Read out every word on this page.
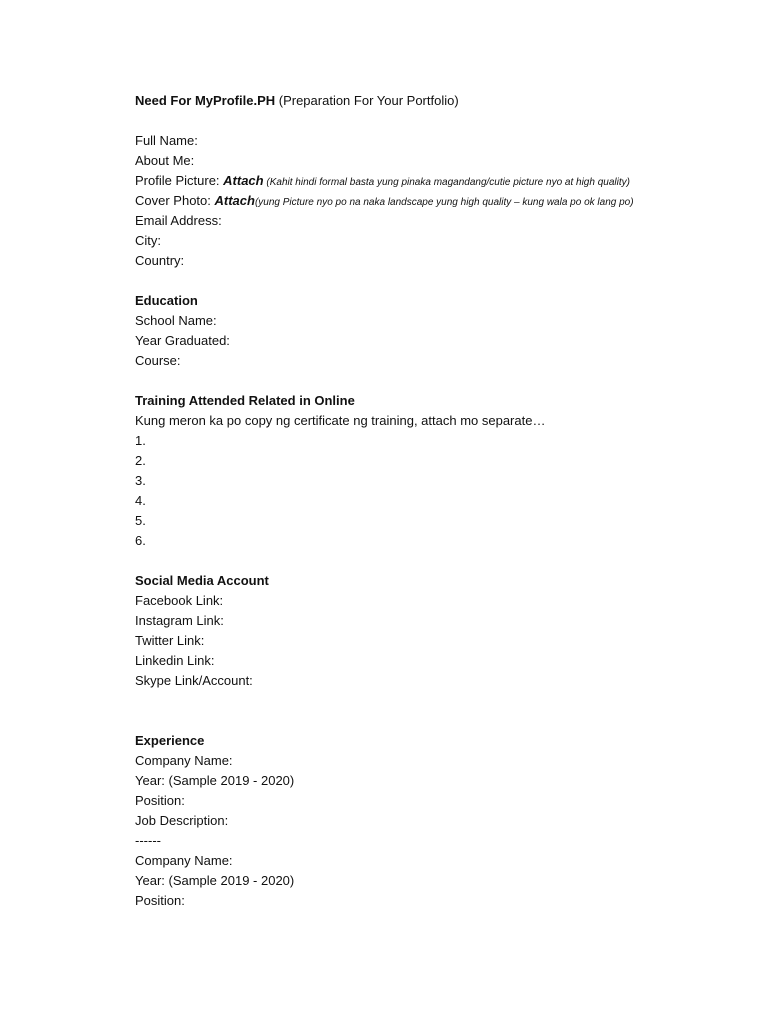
Need For MyProfile.PH (Preparation For Your Portfolio)
Full Name:
About Me:
Profile Picture: Attach (Kahit hindi formal basta yung pinaka magandang/cutie picture nyo at high quality)
Cover Photo: Attach(yung Picture nyo po na naka landscape yung high quality – kung wala po ok lang po)
Email Address:
City:
Country:
Education
School Name:
Year Graduated:
Course:
Training Attended Related in Online
Kung meron ka po copy ng certificate ng training, attach mo separate…
1.
2.
3.
4.
5.
6.
Social Media Account
Facebook Link:
Instagram Link:
Twitter Link:
Linkedin Link:
Skype Link/Account:
Experience
Company Name:
Year: (Sample 2019 - 2020)
Position:
Job Description:
------
Company Name:
Year: (Sample 2019 - 2020)
Position:
